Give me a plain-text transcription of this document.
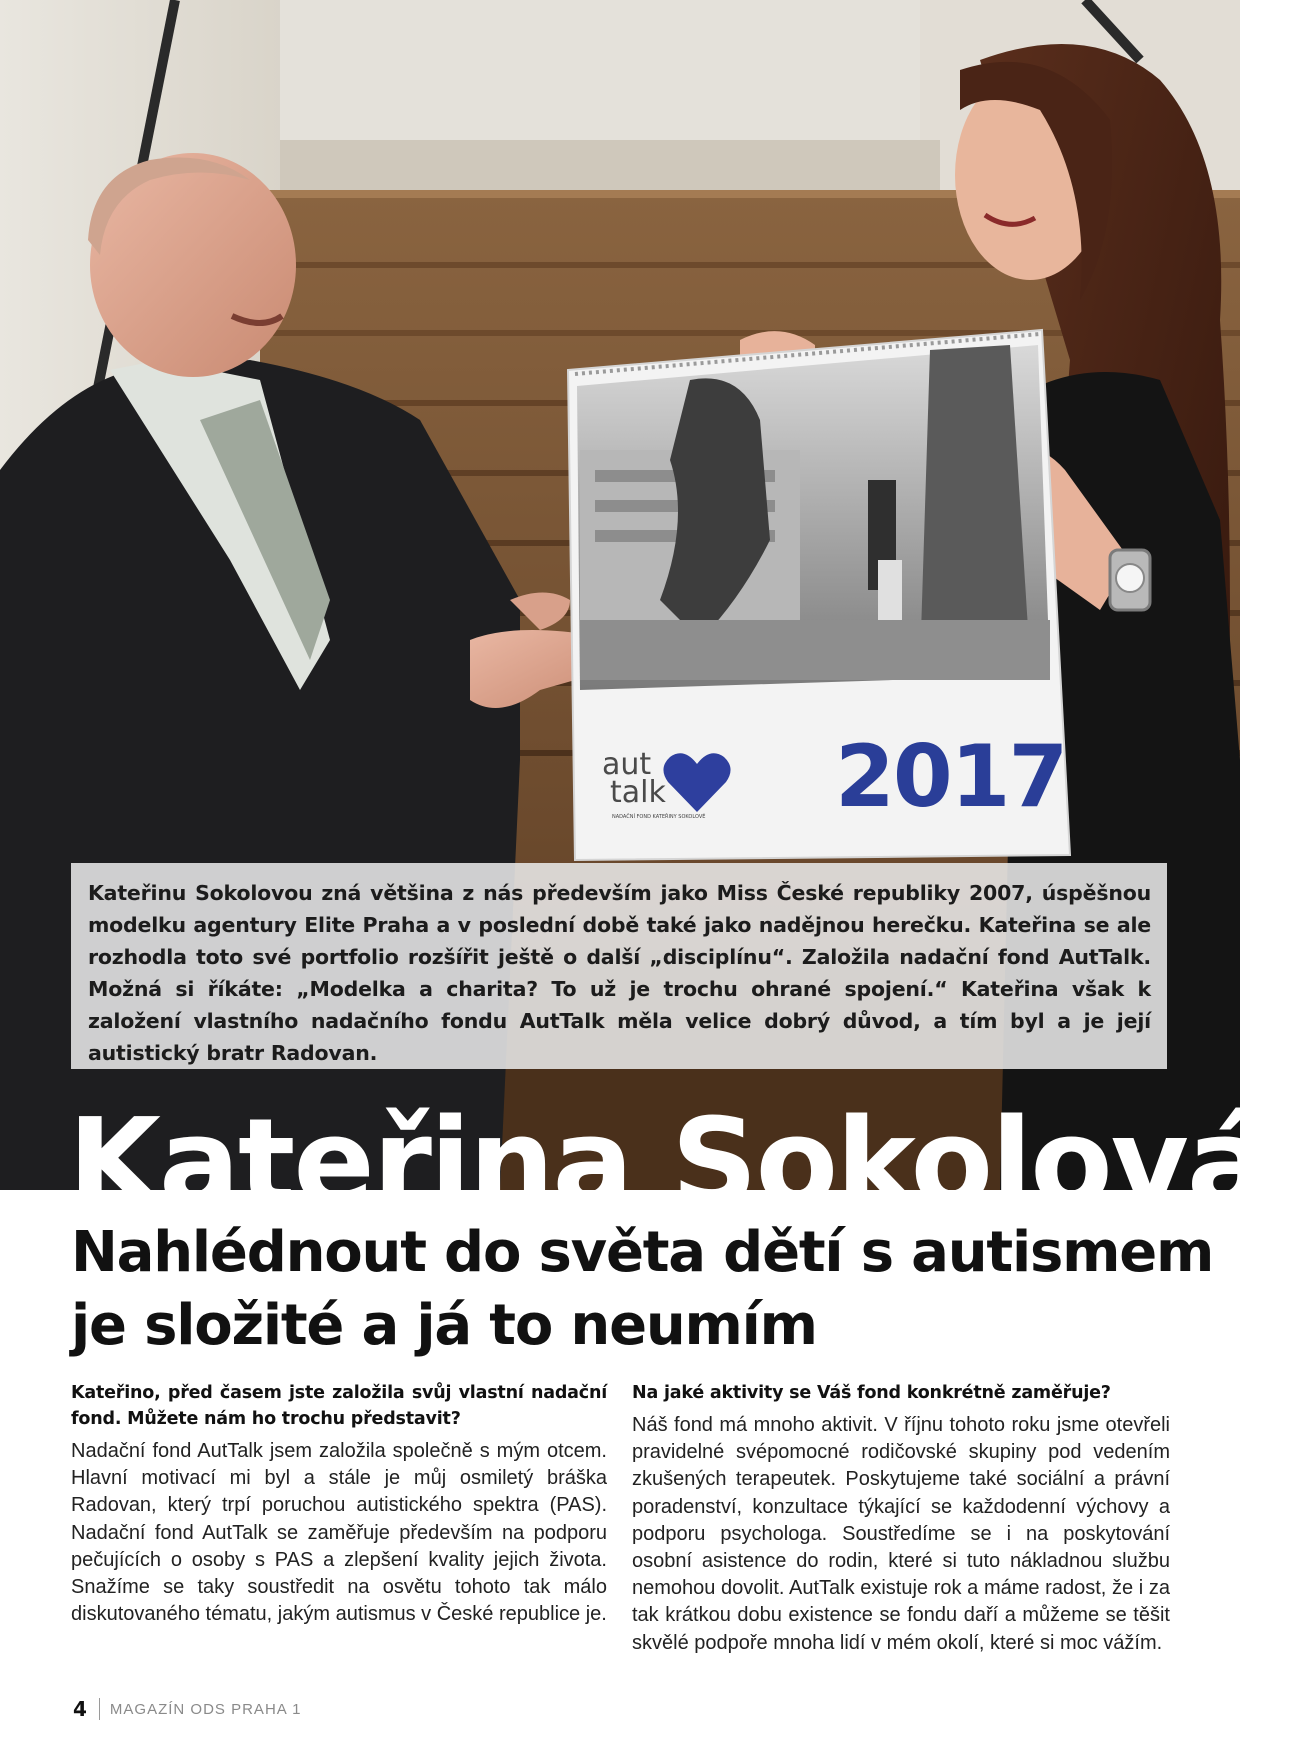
aut
talk
NADAČNÍ FOND KATEŘINY SOKOLOVÉ 2017
Kateřinu Sokolovou zná většina z nás především jako Miss České republiky 2007, úspěšnou modelku agentury Elite Praha a v poslední době také jako nadějnou herečku. Kateřina se ale rozhodla toto své portfolio rozšířit ještě o další „disciplínu“. Založila nadační fond AutTalk. Možná si říkáte: „Modelka a charita? To už je trochu ohrané spojení.“ Kateřina však k založení vlastního nadačního fondu AutTalk měla velice dobrý důvod, a tím byl a je její autistický bratr Radovan.
Kateřina Sokolová:
Nahlédnout do světa dětí s autismem
je složité a já to neumím
Kateřino, před časem jste založila svůj vlastní nadační fond. Můžete nám ho trochu představit?
Nadační fond AutTalk jsem založila společně s mým otcem. Hlavní motivací mi byl a stále je můj osmiletý bráška Radovan, který trpí poruchou autistického spektra (PAS). Nadační fond AutTalk se zaměřuje především na podporu pečujících o osoby s PAS a zlepšení kvality jejich života. Snažíme se taky soustředit na osvětu tohoto tak málo diskutovaného tématu, jakým autismus v České republice je.
Na jaké aktivity se Váš fond konkrétně zaměřuje?
Náš fond má mnoho aktivit. V říjnu tohoto roku jsme otevřeli pravidelné svépomocné rodičovské skupiny pod vedením zkušených terapeutek. Poskytujeme také sociální a právní poradenství, konzultace týkající se každodenní výchovy a podporu psychologa. Soustředíme se i na poskytování osobní asistence do rodin, které si tuto nákladnou službu nemohou dovolit. AutTalk existuje rok a máme radost, že i za tak krátkou dobu existence se fondu daří a můžeme se těšit skvělé podpoře mnoha lidí v mém okolí, které si moc vážím.
4 MAGAZÍN ODS PRAHA 1
